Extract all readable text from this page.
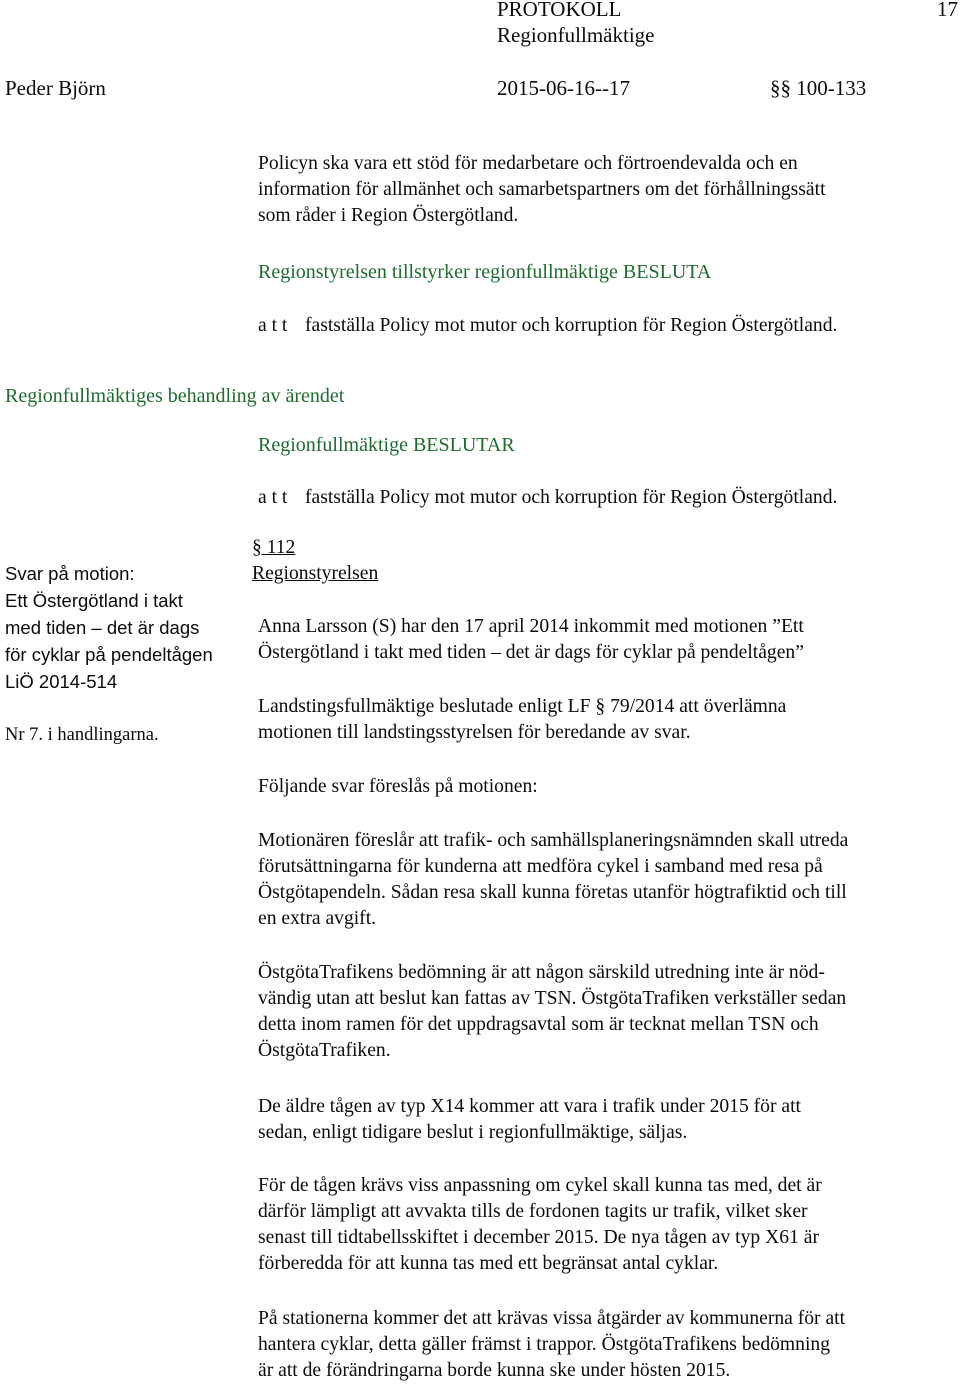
PROTOKOLL	17
Regionfullmäktige
Peder Björn	2015-06-16--17	§§ 100-133
Policyn ska vara ett stöd för medarbetare och förtroendevalda och en
information för allmänhet och samarbetspartners om det förhållningssätt
som råder i Region Östergötland.
Regionstyrelsen tillstyrker regionfullmäktige BESLUTA
a t t fastställa Policy mot mutor och korruption för Region Östergötland.
Regionfullmäktiges behandling av ärendet
Regionfullmäktige BESLUTAR
a t t fastställa Policy mot mutor och korruption för Region Östergötland.
§ 112
Regionstyrelsen
Svar på motion:
Ett Östergötland i takt
med tiden – det är dags
för cyklar på pendeltågen
LiÖ 2014-514
Nr 7. i handlingarna.
Anna Larsson (S) har den 17 april 2014 inkommit med motionen ”Ett
Östergötland i takt med tiden – det är dags för cyklar på pendeltågen”
Landstingsfullmäktige beslutade enligt LF § 79/2014 att överlämna
motionen till landstingsstyrelsen för beredande av svar.
Följande svar föreslås på motionen:
Motionären föreslår att trafik- och samhällsplaneringsnämnden skall utreda
förutsättningarna för kunderna att medföra cykel i samband med resa på
Östgötapendeln. Sådan resa skall kunna företas utanför högtrafiktid och till
en extra avgift.
ÖstgötaTrafikens bedömning är att någon särskild utredning inte är nöd-
vändig utan att beslut kan fattas av TSN. ÖstgötaTrafiken verkställer sedan
detta inom ramen för det uppdragsavtal som är tecknat mellan TSN och
ÖstgötaTrafiken.
De äldre tågen av typ X14 kommer att vara i trafik under 2015 för att
sedan, enligt tidigare beslut i regionfullmäktige, säljas.
För de tågen krävs viss anpassning om cykel skall kunna tas med, det är
därför lämpligt att avvakta tills de fordonen tagits ur trafik, vilket sker
senast till tidtabellsskiftet i december 2015. De nya tågen av typ X61 är
förberedda för att kunna tas med ett begränsat antal cyklar.
På stationerna kommer det att krävas vissa åtgärder av kommunerna för att
hantera cyklar, detta gäller främst i trappor. ÖstgötaTrafikens bedömning
är att de förändringarna borde kunna ske under hösten 2015.
